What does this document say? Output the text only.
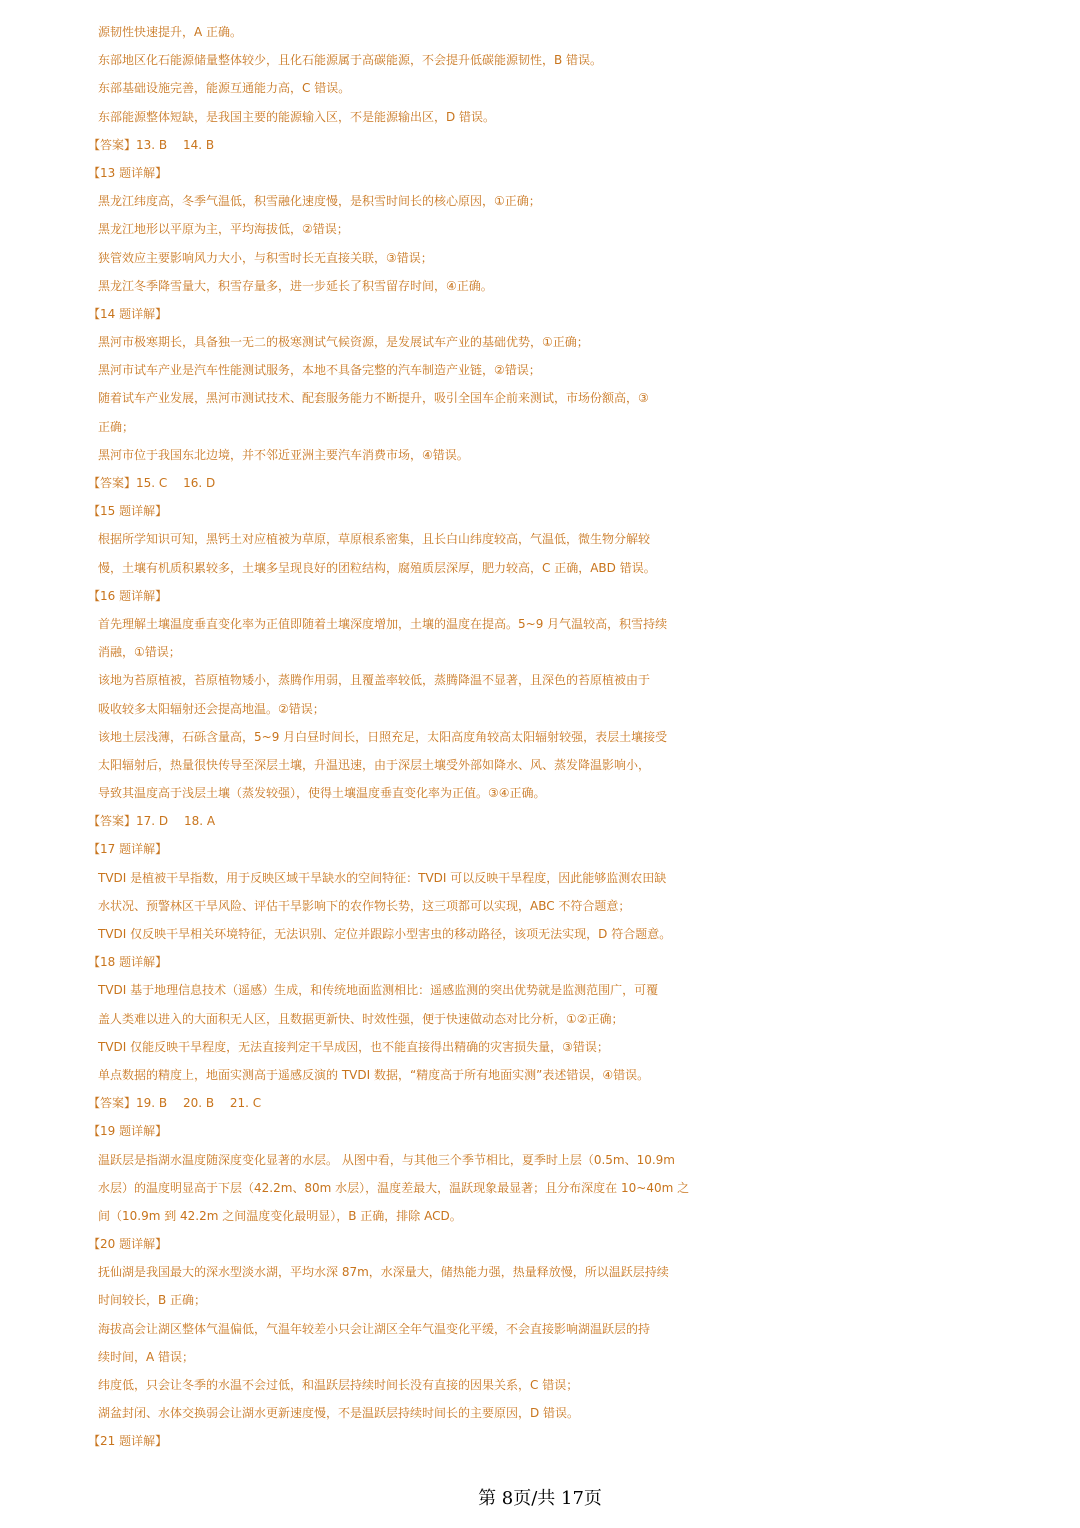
源韧性快速提升，A 正确。
东部地区化石能源储量整体较少，且化石能源属于高碳能源，不会提升低碳能源韧性，B 错误。
东部基础设施完善，能源互通能力高，C 错误。
东部能源整体短缺，是我国主要的能源输入区，不是能源输出区，D 错误。
【答案】13. B　 14. B
【13 题详解】
黑龙江纬度高，冬季气温低，积雪融化速度慢，是积雪时间长的核心原因，①正确；
黑龙江地形以平原为主，平均海拔低，②错误；
狭管效应主要影响风力大小，与积雪时长无直接关联，③错误；
黑龙江冬季降雪量大，积雪存量多，进一步延长了积雪留存时间，④正确。
【14 题详解】
黑河市极寒期长，具备独一无二的极寒测试气候资源，是发展试车产业的基础优势，①正确；
黑河市试车产业是汽车性能测试服务，本地不具备完整的汽车制造产业链，②错误；
随着试车产业发展，黑河市测试技术、配套服务能力不断提升，吸引全国车企前来测试，市场份额高，③
正确；
黑河市位于我国东北边境，并不邻近亚洲主要汽车消费市场，④错误。
【答案】15. C　 16. D
【15 题详解】
根据所学知识可知，黑钙土对应植被为草原，草原根系密集，且长白山纬度较高，气温低，微生物分解较
慢，土壤有机质积累较多，土壤多呈现良好的团粒结构，腐殖质层深厚，肥力较高，C 正确，ABD 错误。
【16 题详解】
首先理解土壤温度垂直变化率为正值即随着土壤深度增加，土壤的温度在提高。5~9 月气温较高，积雪持续
消融，①错误；
该地为苔原植被，苔原植物矮小，蒸腾作用弱，且覆盖率较低，蒸腾降温不显著，且深色的苔原植被由于
吸收较多太阳辐射还会提高地温。②错误；
该地土层浅薄，石砾含量高，5~9 月白昼时间长，日照充足，太阳高度角较高太阳辐射较强，表层土壤接受
太阳辐射后，热量很快传导至深层土壤，升温迅速，由于深层土壤受外部如降水、风、蒸发降温影响小，
导致其温度高于浅层土壤（蒸发较强），使得土壤温度垂直变化率为正值。③④正确。
【答案】17. D　 18. A
【17 题详解】
TVDI 是植被干旱指数，用于反映区域干旱缺水的空间特征：TVDI 可以反映干旱程度，因此能够监测农田缺
水状况、预警林区干旱风险、评估干旱影响下的农作物长势，这三项都可以实现，ABC 不符合题意；
TVDI 仅反映干旱相关环境特征，无法识别、定位并跟踪小型害虫的移动路径，该项无法实现，D 符合题意。
【18 题详解】
TVDI 基于地理信息技术（遥感）生成，和传统地面监测相比：遥感监测的突出优势就是监测范围广，可覆
盖人类难以进入的大面积无人区，且数据更新快、时效性强，便于快速做动态对比分析，①②正确；
TVDI 仅能反映干旱程度，无法直接判定干旱成因，也不能直接得出精确的灾害损失量，③错误；
单点数据的精度上，地面实测高于遥感反演的 TVDI 数据，“精度高于所有地面实测”表述错误，④错误。
【答案】19. B　 20. B　 21. C
【19 题详解】
温跃层是指湖水温度随深度变化显著的水层。 从图中看，与其他三个季节相比，夏季时上层（0.5m、10.9m
水层）的温度明显高于下层（42.2m、80m 水层），温度差最大，温跃现象最显著；且分布深度在 10~40m 之
间（10.9m 到 42.2m 之间温度变化最明显），B 正确，排除 ACD。
【20 题详解】
抚仙湖是我国最大的深水型淡水湖，平均水深 87m，水深量大，储热能力强，热量释放慢，所以温跃层持续
时间较长，B 正确；
海拔高会让湖区整体气温偏低，气温年较差小只会让湖区全年气温变化平缓，不会直接影响湖温跃层的持
续时间，A 错误；
纬度低，只会让冬季的水温不会过低，和温跃层持续时间长没有直接的因果关系，C 错误；
湖盆封闭、水体交换弱会让湖水更新速度慢，不是温跃层持续时间长的主要原因，D 错误。
【21 题详解】
第 8页/共 17页
